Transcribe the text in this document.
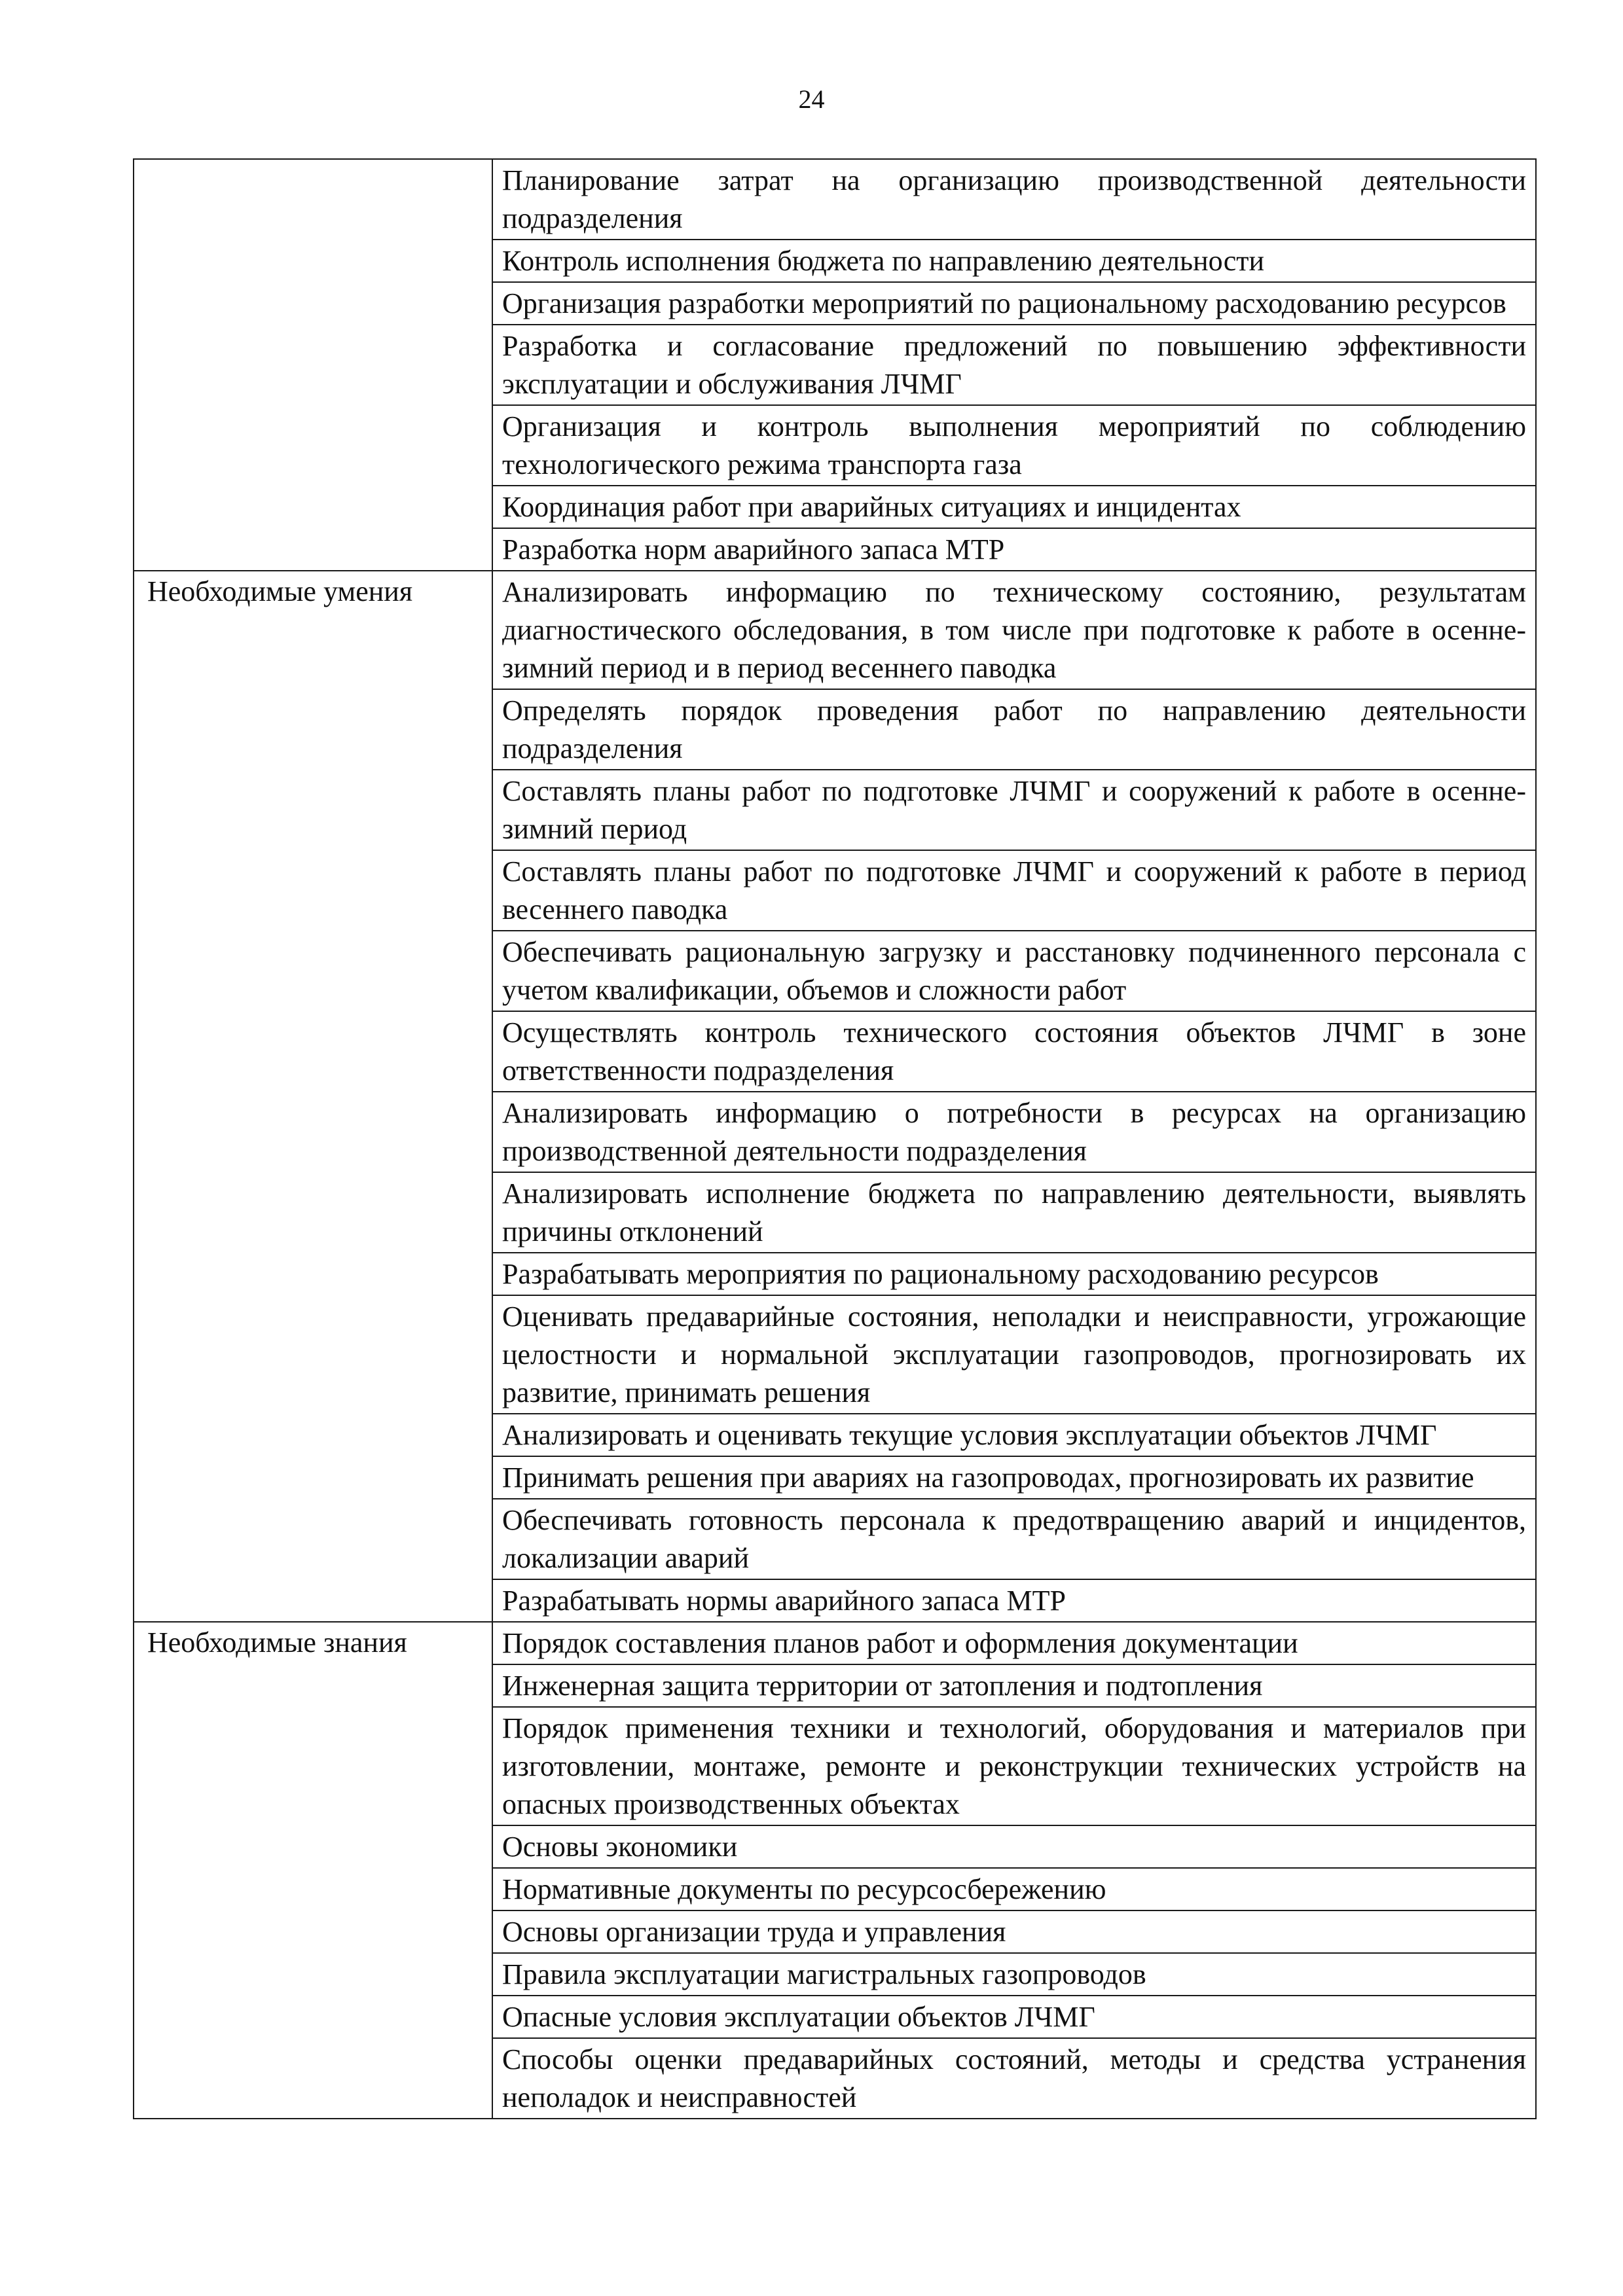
24
	Планирование затрат на организацию производственной деятельности подразделения
	Контроль исполнения бюджета по направлению деятельности
	Организация разработки мероприятий по рациональному расходованию ресурсов
	Разработка и согласование предложений по повышению эффективности эксплуатации и обслуживания ЛЧМГ
	Организация и контроль выполнения мероприятий по соблюдению технологического режима транспорта газа
	Координация работ при аварийных ситуациях и инцидентах
	Разработка норм аварийного запаса МТР
Необходимые умения	Анализировать информацию по техническому состоянию, результатам диагностического обследования, в том числе при подготовке к работе в осенне-зимний период и в период весеннего паводка
	Определять порядок проведения работ по направлению деятельности подразделения
	Составлять планы работ по подготовке ЛЧМГ и сооружений к работе в осенне-зимний период
	Составлять планы работ по подготовке ЛЧМГ и сооружений к работе в период весеннего паводка
	Обеспечивать рациональную загрузку и расстановку подчиненного персонала с учетом квалификации, объемов и сложности работ
	Осуществлять контроль технического состояния объектов ЛЧМГ в зоне ответственности подразделения
	Анализировать информацию о потребности в ресурсах на организацию производственной деятельности подразделения
	Анализировать исполнение бюджета по направлению деятельности, выявлять причины отклонений
	Разрабатывать мероприятия по рациональному расходованию ресурсов
	Оценивать предаварийные состояния, неполадки и неисправности, угрожающие целостности и нормальной эксплуатации газопроводов, прогнозировать их развитие, принимать решения
	Анализировать и оценивать текущие условия эксплуатации объектов ЛЧМГ
	Принимать решения при авариях на газопроводах, прогнозировать их развитие
	Обеспечивать готовность персонала к предотвращению аварий и инцидентов, локализации аварий
	Разрабатывать нормы аварийного запаса МТР
Необходимые знания	Порядок составления планов работ и оформления документации
	Инженерная защита территории от затопления и подтопления
	Порядок применения техники и технологий, оборудования и материалов при изготовлении, монтаже, ремонте и реконструкции технических устройств на опасных производственных объектах
	Основы экономики
	Нормативные документы по ресурсосбережению
	Основы организации труда и управления
	Правила эксплуатации магистральных газопроводов
	Опасные условия эксплуатации объектов ЛЧМГ
	Способы оценки предаварийных состояний, методы и средства устранения неполадок и неисправностей
